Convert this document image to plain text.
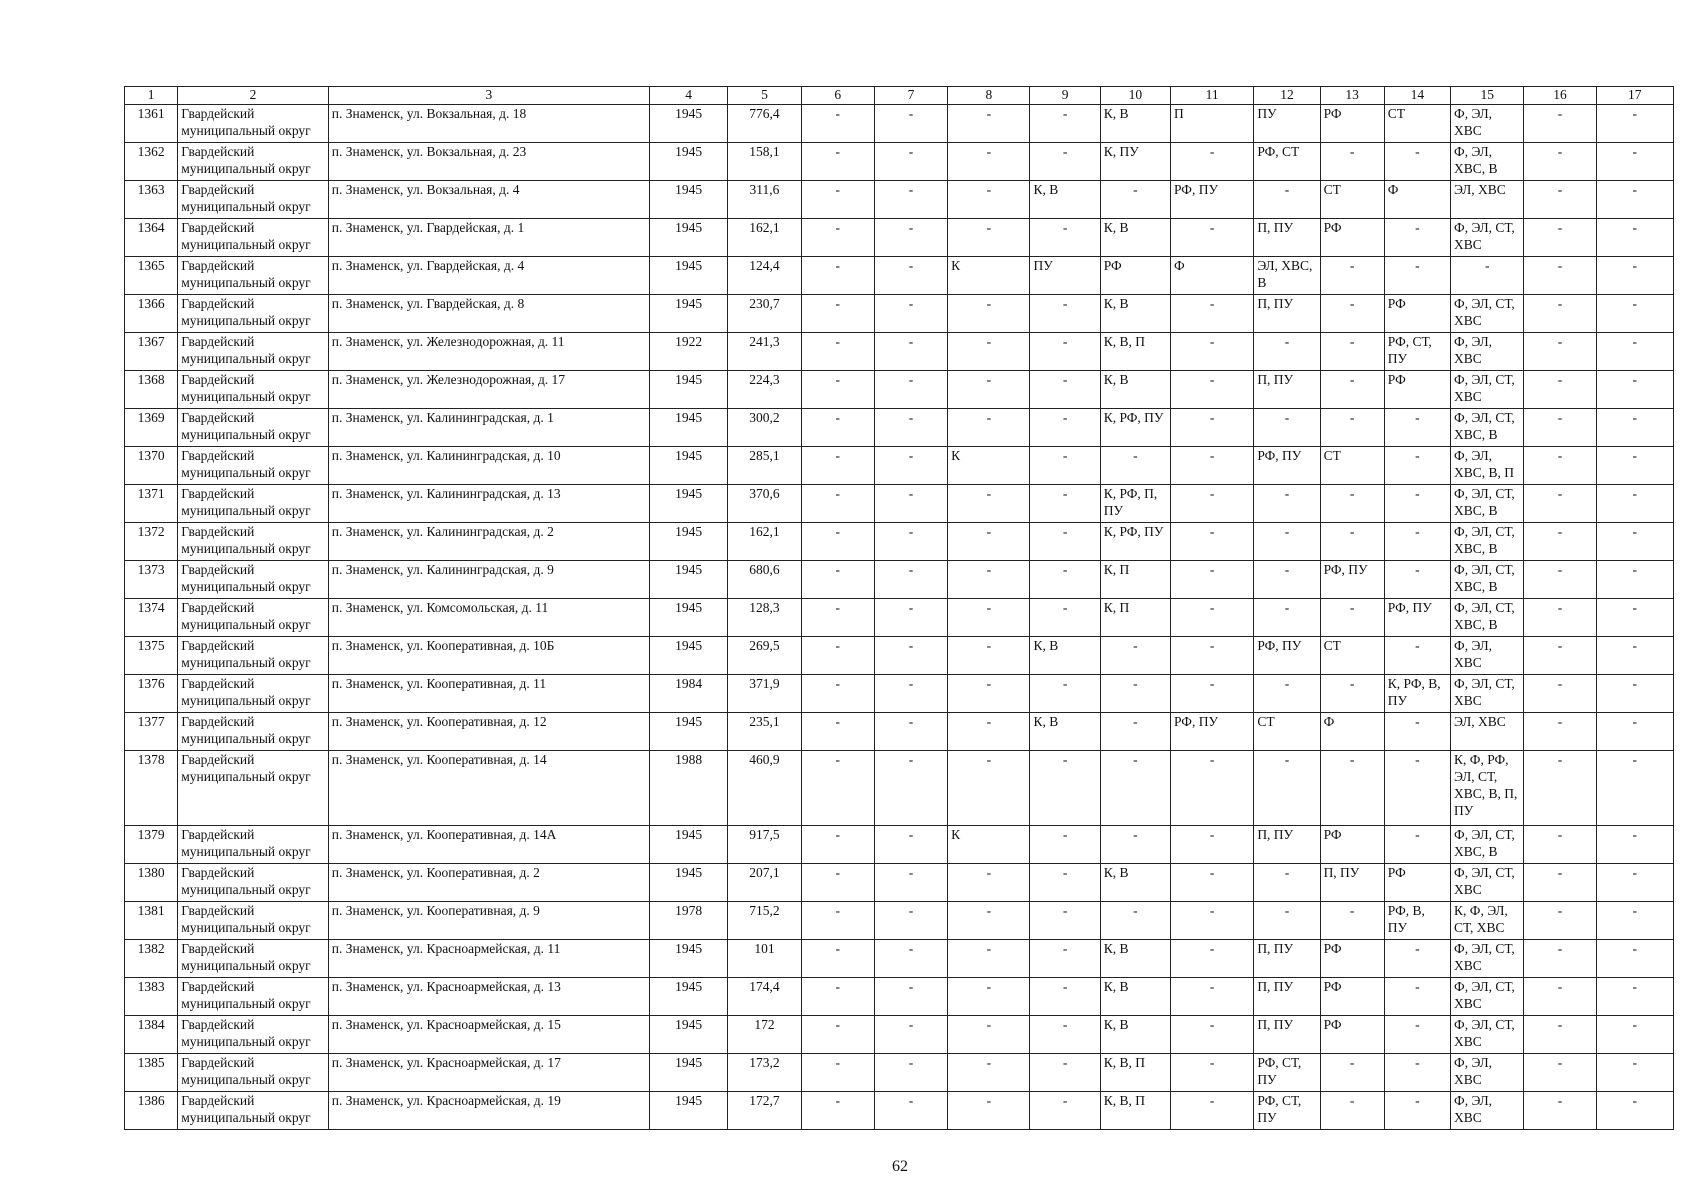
1	2	3	4	5	6	7	8	9	10	11	12	13	14	15	16	17
1361	Гвардейский муниципальный округ	п. Знаменск, ул. Вокзальная, д. 18	1945	776,4	-	-	-	-	К, В	П	ПУ	РФ	СТ	Ф, ЭЛ, ХВС	-	-
1362	Гвардейский муниципальный округ	п. Знаменск, ул. Вокзальная, д. 23	1945	158,1	-	-	-	-	К, ПУ	-	РФ, СТ	-	-	Ф, ЭЛ, ХВС, В	-	-
1363	Гвардейский муниципальный округ	п. Знаменск, ул. Вокзальная, д. 4	1945	311,6	-	-	-	К, В	-	РФ, ПУ	-	СТ	Ф	ЭЛ, ХВС	-	-
1364	Гвардейский муниципальный округ	п. Знаменск, ул. Гвардейская, д. 1	1945	162,1	-	-	-	-	К, В	-	П, ПУ	РФ	-	Ф, ЭЛ, СТ, ХВС	-	-
1365	Гвардейский муниципальный округ	п. Знаменск, ул. Гвардейская, д. 4	1945	124,4	-	-	К	ПУ	РФ	Ф	ЭЛ, ХВС, В	-	-	-	-	-
1366	Гвардейский муниципальный округ	п. Знаменск, ул. Гвардейская, д. 8	1945	230,7	-	-	-	-	К, В	-	П, ПУ	-	РФ	Ф, ЭЛ, СТ, ХВС	-	-
1367	Гвардейский муниципальный округ	п. Знаменск, ул. Железнодорожная, д. 11	1922	241,3	-	-	-	-	К, В, П	-	-	-	РФ, СТ, ПУ	Ф, ЭЛ, ХВС	-	-
1368	Гвардейский муниципальный округ	п. Знаменск, ул. Железнодорожная, д. 17	1945	224,3	-	-	-	-	К, В	-	П, ПУ	-	РФ	Ф, ЭЛ, СТ, ХВС	-	-
1369	Гвардейский муниципальный округ	п. Знаменск, ул. Калининградская, д. 1	1945	300,2	-	-	-	-	К, РФ, ПУ	-	-	-	-	Ф, ЭЛ, СТ, ХВС, В	-	-
1370	Гвардейский муниципальный округ	п. Знаменск, ул. Калининградская, д. 10	1945	285,1	-	-	К	-	-	-	РФ, ПУ	СТ	-	Ф, ЭЛ, ХВС, В, П	-	-
1371	Гвардейский муниципальный округ	п. Знаменск, ул. Калининградская, д. 13	1945	370,6	-	-	-	-	К, РФ, П, ПУ	-	-	-	-	Ф, ЭЛ, СТ, ХВС, В	-	-
1372	Гвардейский муниципальный округ	п. Знаменск, ул. Калининградская, д. 2	1945	162,1	-	-	-	-	К, РФ, ПУ	-	-	-	-	Ф, ЭЛ, СТ, ХВС, В	-	-
1373	Гвардейский муниципальный округ	п. Знаменск, ул. Калининградская, д. 9	1945	680,6	-	-	-	-	К, П	-	-	РФ, ПУ	-	Ф, ЭЛ, СТ, ХВС, В	-	-
1374	Гвардейский муниципальный округ	п. Знаменск, ул. Комсомольская, д. 11	1945	128,3	-	-	-	-	К, П	-	-	-	РФ, ПУ	Ф, ЭЛ, СТ, ХВС, В	-	-
1375	Гвардейский муниципальный округ	п. Знаменск, ул. Кооперативная, д. 10Б	1945	269,5	-	-	-	К, В	-	-	РФ, ПУ	СТ	-	Ф, ЭЛ, ХВС	-	-
1376	Гвардейский муниципальный округ	п. Знаменск, ул. Кооперативная, д. 11	1984	371,9	-	-	-	-	-	-	-	-	К, РФ, В, ПУ	Ф, ЭЛ, СТ, ХВС	-	-
1377	Гвардейский муниципальный округ	п. Знаменск, ул. Кооперативная, д. 12	1945	235,1	-	-	-	К, В	-	РФ, ПУ	СТ	Ф	-	ЭЛ, ХВС	-	-
1378	Гвардейский муниципальный округ	п. Знаменск, ул. Кооперативная, д. 14	1988	460,9	-	-	-	-	-	-	-	-	-	К, Ф, РФ, ЭЛ, СТ, ХВС, В, П, ПУ	-	-
1379	Гвардейский муниципальный округ	п. Знаменск, ул. Кооперативная, д. 14А	1945	917,5	-	-	К	-	-	-	П, ПУ	РФ	-	Ф, ЭЛ, СТ, ХВС, В	-	-
1380	Гвардейский муниципальный округ	п. Знаменск, ул. Кооперативная, д. 2	1945	207,1	-	-	-	-	К, В	-	-	П, ПУ	РФ	Ф, ЭЛ, СТ, ХВС	-	-
1381	Гвардейский муниципальный округ	п. Знаменск, ул. Кооперативная, д. 9	1978	715,2	-	-	-	-	-	-	-	-	РФ, В, ПУ	К, Ф, ЭЛ, СТ, ХВС	-	-
1382	Гвардейский муниципальный округ	п. Знаменск, ул. Красноармейская, д. 11	1945	101	-	-	-	-	К, В	-	П, ПУ	РФ	-	Ф, ЭЛ, СТ, ХВС	-	-
1383	Гвардейский муниципальный округ	п. Знаменск, ул. Красноармейская, д. 13	1945	174,4	-	-	-	-	К, В	-	П, ПУ	РФ	-	Ф, ЭЛ, СТ, ХВС	-	-
1384	Гвардейский муниципальный округ	п. Знаменск, ул. Красноармейская, д. 15	1945	172	-	-	-	-	К, В	-	П, ПУ	РФ	-	Ф, ЭЛ, СТ, ХВС	-	-
1385	Гвардейский муниципальный округ	п. Знаменск, ул. Красноармейская, д. 17	1945	173,2	-	-	-	-	К, В, П	-	РФ, СТ, ПУ	-	-	Ф, ЭЛ, ХВС	-	-
1386	Гвардейский муниципальный округ	п. Знаменск, ул. Красноармейская, д. 19	1945	172,7	-	-	-	-	К, В, П	-	РФ, СТ, ПУ	-	-	Ф, ЭЛ, ХВС	-	-
62
